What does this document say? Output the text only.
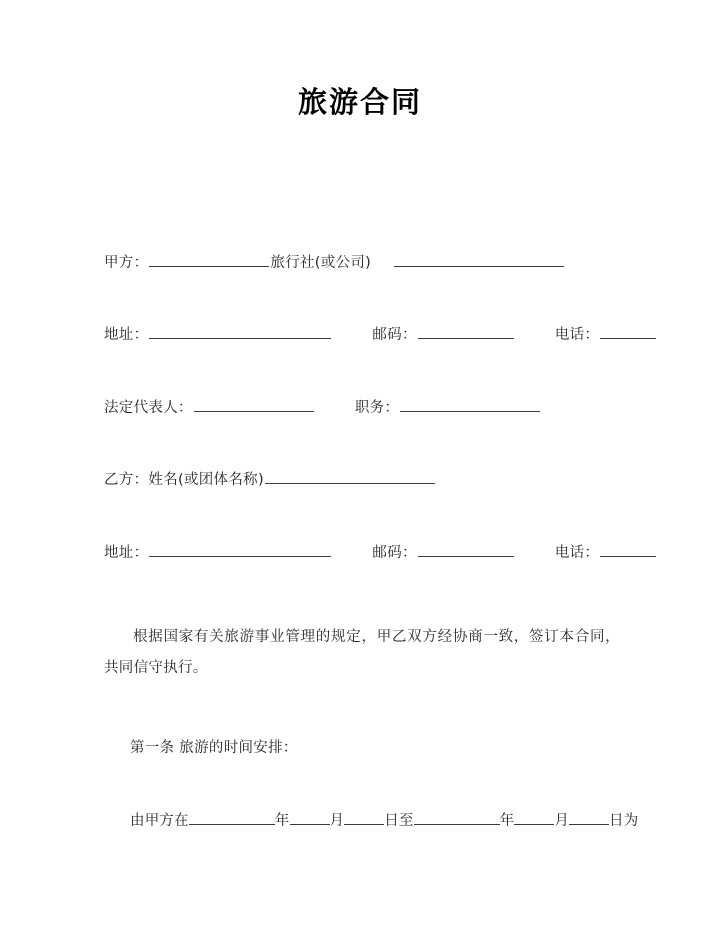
旅游合同
甲方：	旅行社(或公司)
地址：	邮码：	电话：
法定代表人：	职务：
乙方：姓名(或团体名称)
地址：	邮码：	电话：
根据国家有关旅游事业管理的规定，甲乙双方经协商一致，签订本合同，共同信守执行。
第一条 旅游的时间安排：
由甲方在	年	月	日至	年	月	日为
